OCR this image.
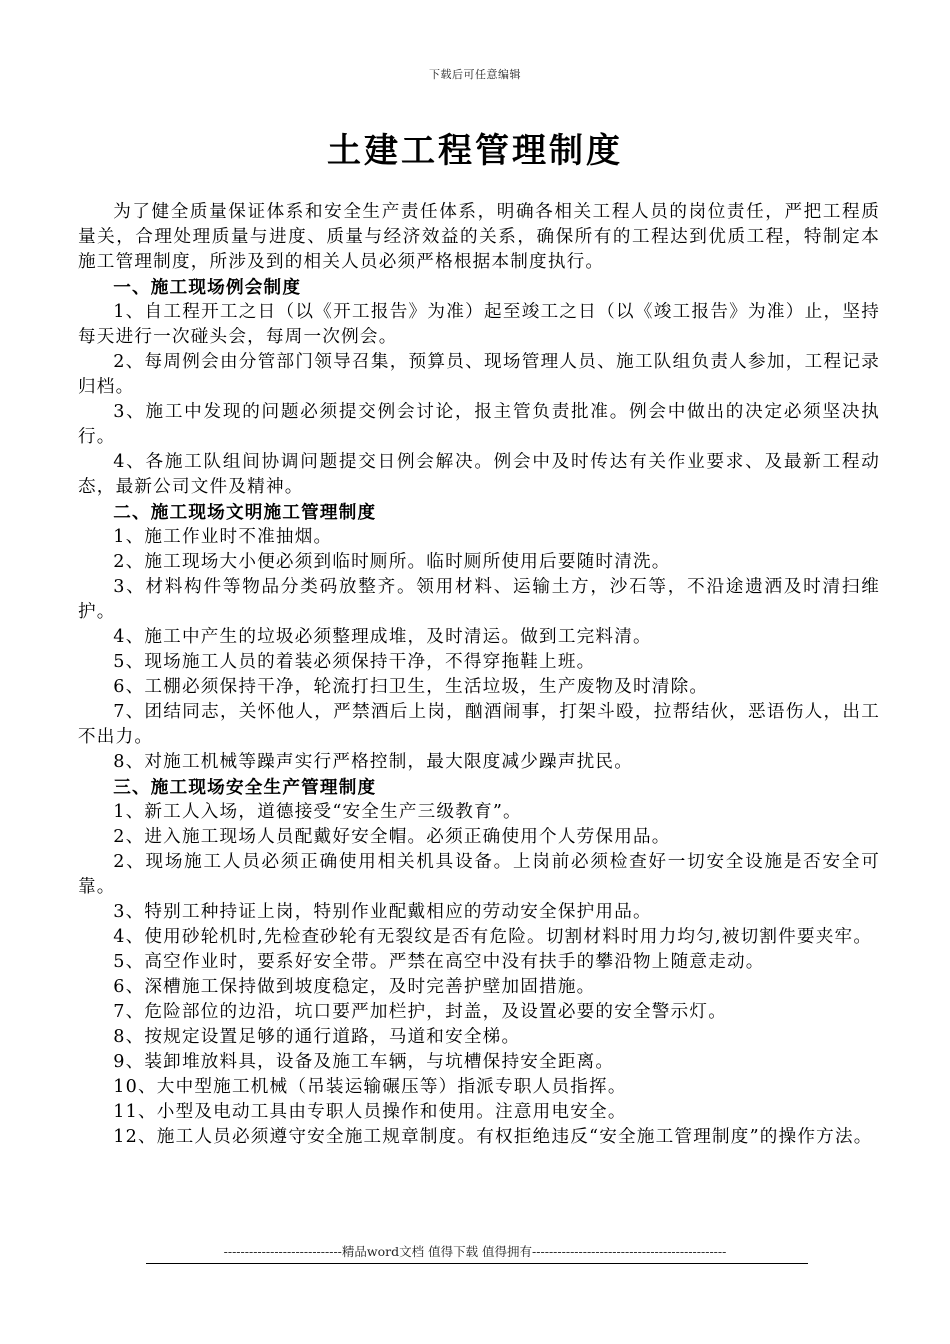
下载后可任意编辑
土建工程管理制度

为了健全质量保证体系和安全生产责任体系，明确各相关工程人员的岗位责任，严把工程质量关，合理处理质量与进度、质量与经济效益的关系，确保所有的工程达到优质工程，特制定本施工管理制度，所涉及到的相关人员必须严格根据本制度执行。

一、施工现场例会制度

1、自工程开工之日（以《开工报告》为准）起至竣工之日（以《竣工报告》为准）止，坚持每天进行一次碰头会，每周一次例会。

2、每周例会由分管部门领导召集，预算员、现场管理人员、施工队组负责人参加，工程记录归档。

3、施工中发现的问题必须提交例会讨论，报主管负责批准。例会中做出的决定必须坚决执行。

4、各施工队组间协调问题提交日例会解决。例会中及时传达有关作业要求、及最新工程动态，最新公司文件及精神。

二、施工现场文明施工管理制度

1、施工作业时不准抽烟。

2、施工现场大小便必须到临时厕所。临时厕所使用后要随时清洗。

3、材料构件等物品分类码放整齐。领用材料、运输土方，沙石等，不沿途遗洒及时清扫维护。

4、施工中产生的垃圾必须整理成堆，及时清运。做到工完料清。

5、现场施工人员的着装必须保持干净，不得穿拖鞋上班。

6、工棚必须保持干净，轮流打扫卫生，生活垃圾，生产废物及时清除。

7、团结同志，关怀他人，严禁酒后上岗，酗酒闹事，打架斗殴，拉帮结伙，恶语伤人，出工不出力。

8、对施工机械等躁声实行严格控制，最大限度减少躁声扰民。

三、施工现场安全生产管理制度

1、新工人入场，道德接受“安全生产三级教育”。

2、进入施工现场人员配戴好安全帽。必须正确使用个人劳保用品。

2、现场施工人员必须正确使用相关机具设备。上岗前必须检查好一切安全设施是否安全可靠。

3、特别工种持证上岗，特别作业配戴相应的劳动安全保护用品。

4、使用砂轮机时,先检查砂轮有无裂纹是否有危险。切割材料时用力均匀,被切割件要夹牢。

5、高空作业时，要系好安全带。严禁在高空中没有扶手的攀沿物上随意走动。

6、深槽施工保持做到坡度稳定，及时完善护壁加固措施。

7、危险部位的边沿，坑口要严加栏护，封盖，及设置必要的安全警示灯。

8、按规定设置足够的通行道路，马道和安全梯。

9、装卸堆放料具，设备及施工车辆，与坑槽保持安全距离。

10、大中型施工机械（吊装运输碾压等）指派专职人员指挥。

11、小型及电动工具由专职人员操作和使用。注意用电安全。

12、施工人员必须遵守安全施工规章制度。有权拒绝违反“安全施工管理制度”的操作方法。

----------------------------精品word文档 值得下载 值得拥有----------------------------------------------
